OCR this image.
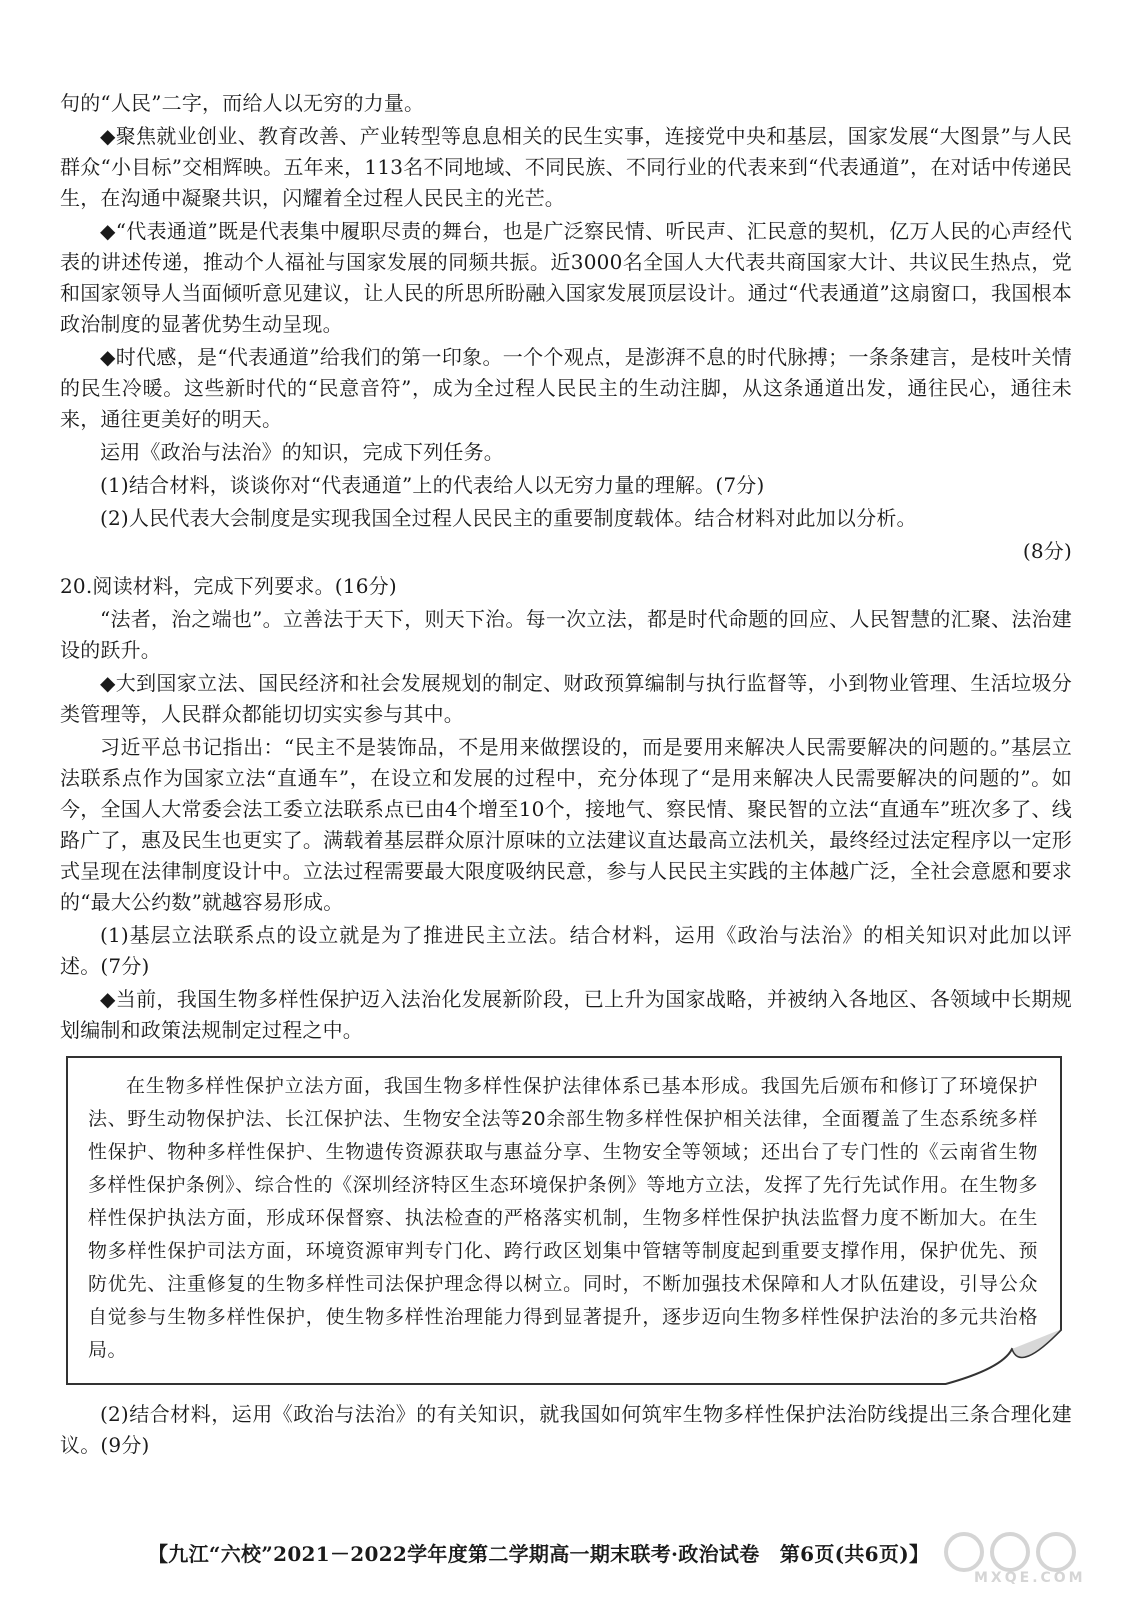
句的“人民”二字，而给人以无穷的力量。

◆聚焦就业创业、教育改善、产业转型等息息相关的民生实事，连接党中央和基层，国家发展“大图景”与人民群众“小目标”交相辉映。五年来，113名不同地域、不同民族、不同行业的代表来到“代表通道”，在对话中传递民生，在沟通中凝聚共识，闪耀着全过程人民民主的光芒。

◆“代表通道”既是代表集中履职尽责的舞台，也是广泛察民情、听民声、汇民意的契机，亿万人民的心声经代表的讲述传递，推动个人福祉与国家发展的同频共振。近3000名全国人大代表共商国家大计、共议民生热点，党和国家领导人当面倾听意见建议，让人民的所思所盼融入国家发展顶层设计。通过“代表通道”这扇窗口，我国根本政治制度的显著优势生动呈现。

◆时代感，是“代表通道”给我们的第一印象。一个个观点，是澎湃不息的时代脉搏；一条条建言，是枝叶关情的民生冷暖。这些新时代的“民意音符”，成为全过程人民民主的生动注脚，从这条通道出发，通往民心，通往未来，通往更美好的明天。

运用《政治与法治》的知识，完成下列任务。

(1)结合材料，谈谈你对“代表通道”上的代表给人以无穷力量的理解。(7分)

(2)人民代表大会制度是实现我国全过程人民民主的重要制度载体。结合材料对此加以分析。

(8分)

20.阅读材料，完成下列要求。(16分)

“法者，治之端也”。立善法于天下，则天下治。每一次立法，都是时代命题的回应、人民智慧的汇聚、法治建设的跃升。

◆大到国家立法、国民经济和社会发展规划的制定、财政预算编制与执行监督等，小到物业管理、生活垃圾分类管理等，人民群众都能切切实实参与其中。

习近平总书记指出：“民主不是装饰品，不是用来做摆设的，而是要用来解决人民需要解决的问题的。”基层立法联系点作为国家立法“直通车”，在设立和发展的过程中，充分体现了“是用来解决人民需要解决的问题的”。如今，全国人大常委会法工委立法联系点已由4个增至10个，接地气、察民情、聚民智的立法“直通车”班次多了、线路广了，惠及民生也更实了。满载着基层群众原汁原味的立法建议直达最高立法机关，最终经过法定程序以一定形式呈现在法律制度设计中。立法过程需要最大限度吸纳民意，参与人民民主实践的主体越广泛，全社会意愿和要求的“最大公约数”就越容易形成。

(1)基层立法联系点的设立就是为了推进民主立法。结合材料，运用《政治与法治》的相关知识对此加以评述。(7分)

◆当前，我国生物多样性保护迈入法治化发展新阶段，已上升为国家战略，并被纳入各地区、各领域中长期规划编制和政策法规制定过程之中。

在生物多样性保护立法方面，我国生物多样性保护法律体系已基本形成。我国先后颁布和修订了环境保护法、野生动物保护法、长江保护法、生物安全法等20余部生物多样性保护相关法律，全面覆盖了生态系统多样性保护、物种多样性保护、生物遗传资源获取与惠益分享、生物安全等领域；还出台了专门性的《云南省生物多样性保护条例》、综合性的《深圳经济特区生态环境保护条例》等地方立法，发挥了先行先试作用。在生物多样性保护执法方面，形成环保督察、执法检查的严格落实机制，生物多样性保护执法监督力度不断加大。在生物多样性保护司法方面，环境资源审判专门化、跨行政区划集中管辖等制度起到重要支撑作用，保护优先、预防优先、注重修复的生物多样性司法保护理念得以树立。同时，不断加强技术保障和人才队伍建设，引导公众自觉参与生物多样性保护，使生物多样性治理能力得到显著提升，逐步迈向生物多样性保护法治的多元共治格局。

(2)结合材料，运用《政治与法治》的有关知识，就我国如何筑牢生物多样性保护法治防线提出三条合理化建议。(9分)

【九江“六校”2021－2022学年度第二学期高一期末联考·政治试卷　第6页(共6页)】
MXQE.COM
